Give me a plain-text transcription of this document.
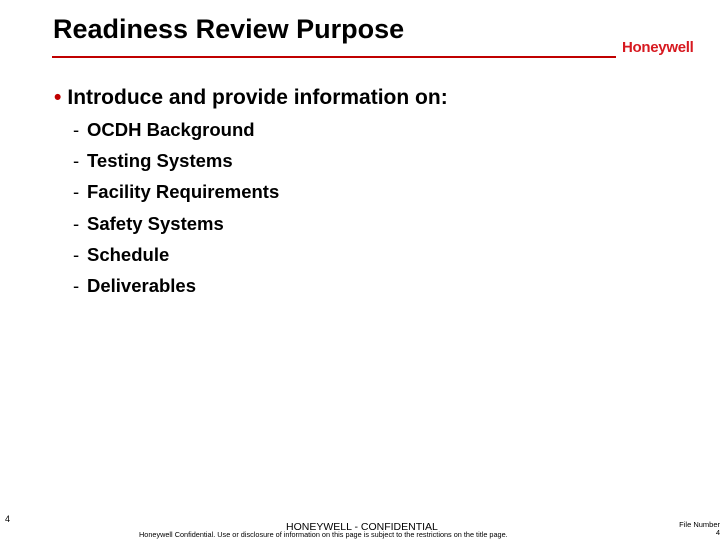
Readiness Review Purpose
Honeywell
• Introduce and provide information on:
- OCDH Background
- Testing Systems
- Facility Requirements
- Safety Systems
- Schedule
- Deliverables
4
HONEYWELL - CONFIDENTIAL
Honeywell Confidential. Use or disclosure of information on this page is subject to the restrictions on the title page.
File Number
4
